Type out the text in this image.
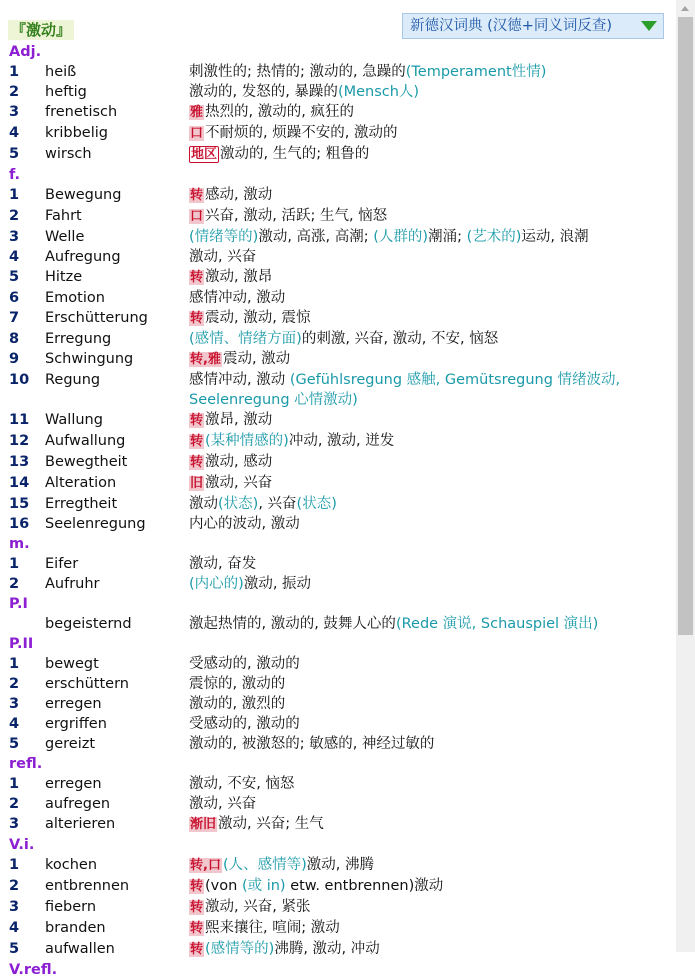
『激动』	新德汉词典 (汉德+同义词反查)
Adj.
1	heiß	刺激性的; 热情的; 激动的, 急躁的(Temperament性情)
2	heftig	激动的, 发怒的, 暴躁的(Mensch人)
3	frenetisch	雅 热烈的, 激动的, 疯狂的
4	kribbelig	口 不耐烦的, 烦躁不安的, 激动的
5	wirsch	地区 激动的, 生气的; 粗鲁的
f.
1	Bewegung	转 感动, 激动
2	Fahrt	口 兴奋, 激动, 活跃; 生气, 恼怒
3	Welle	(情绪等的)激动, 高涨, 高潮; (人群的)潮涌; (艺术的)运动, 浪潮
4	Aufregung	激动, 兴奋
5	Hitze	转 激动, 激昂
6	Emotion	感情冲动, 激动
7	Erschütterung	转 震动, 激动, 震惊
8	Erregung	(感情、情绪方面)的刺激, 兴奋, 激动, 不安, 恼怒
9	Schwingung	转,雅 震动, 激动
10	Regung	感情冲动, 激动 (Gefühlsregung 感触, Gemütsregung 情绪波动, Seelenregung 心情激动)
11	Wallung	转 激昂, 激动
12	Aufwallung	转 (某种情感的)冲动, 激动, 迸发
13	Bewegtheit	转 激动, 感动
14	Alteration	旧 激动, 兴奋
15	Erregtheit	激动(状态), 兴奋(状态)
16	Seelenregung	内心的波动, 激动
m.
1	Eifer	激动, 奋发
2	Aufruhr	(内心的)激动, 振动
P.I
begeisternd	激起热情的, 激动的, 鼓舞人心的(Rede 演说, Schauspiel 演出)
P.II
1	bewegt	受感动的, 激动的
2	erschüttern	震惊的, 激动的
3	erregen	激动的, 激烈的
4	ergriffen	受感动的, 激动的
5	gereizt	激动的, 被激怒的; 敏感的, 神经过敏的
refl.
1	erregen	激动, 不安, 恼怒
2	aufregen	激动, 兴奋
3	alterieren	渐旧 激动, 兴奋; 生气
V.i.
1	kochen	转,口 (人、感情等)激动, 沸腾
2	entbrennen	转 (von (或 in) etw. entbrennen)激动
3	fiebern	转 激动, 兴奋, 紧张
4	branden	转 熙来攘往, 喧闹; 激动
5	aufwallen	转 (感情等的)沸腾, 激动, 冲动
V.refl.
